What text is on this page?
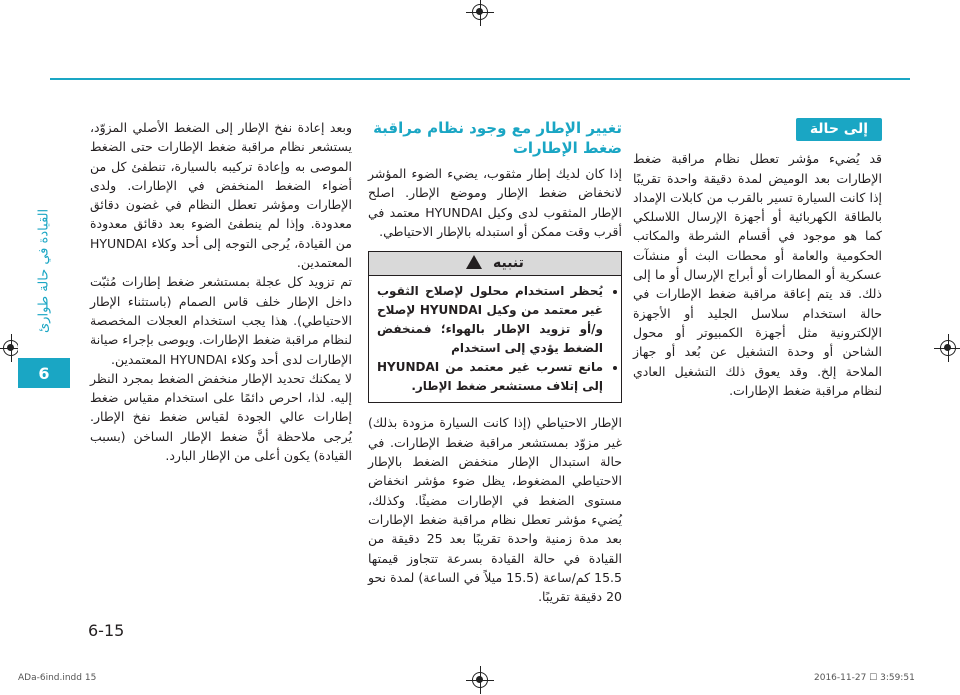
القيادة في حالة طوارئ
6

وبعد إعادة نفخ الإطار إلى الضغط الأصلي المزوّد، يستشعر نظام مراقبة ضغط الإطارات حتى الضغط الموصى به وإعادة تركيبه بالسيارة، تنطفئ كل من أضواء الضغط المنخفض في الإطارات. ولدى الإطارات ومؤشر تعطل النظام في غضون دقائق معدودة. وإذا لم ينطفئ الضوء بعد دقائق معدودة من القيادة، يُرجى التوجه إلى أحد وكلاء HYUNDAI المعتمدين.

تم تزويد كل عجلة بمستشعر ضغط إطارات مُثبّت داخل الإطار خلف قاس الصمام (باستثناء الإطار الاحتياطي). هذا يجب استخدام العجلات المخصصة لنظام مراقبة ضغط الإطارات. ويوصى بإجراء صيانة الإطارات لدى أحد وكلاء HYUNDAI المعتمدين.

لا يمكنك تحديد الإطار منخفض الضغط بمجرد النظر إليه. لذا، احرص دائمًا على استخدام مقياس ضغط إطارات عالي الجودة لقياس ضغط نفخ الإطار. يُرجى ملاحظة أنَّ ضغط الإطار الساخن (بسبب القيادة) يكون أعلى من الإطار البارد.

تغيير الإطار مع وجود نظام مراقبة ضغط الإطارات

إذا كان لديك إطار مثقوب، يضيء الضوء المؤشر لانخفاض ضغط الإطار وموضع الإطار. اصلح الإطار المثقوب لدى وكيل HYUNDAI معتمد في أقرب وقت ممكن أو استبدله بالإطار الاحتياطي.

تنبيه
• يُحظر استخدام محلول لإصلاح الثقوب غير معتمد من وكيل HYUNDAI لإصلاح و/أو تزويد الإطار بالهواء؛ فمنخفض الضغط يؤدي إلى استخدام
• مانع تسرب غير معتمد من HYUNDAI إلى إتلاف مستشعر ضغط الإطار.

الإطار الاحتياطي (إذا كانت السيارة مزودة بذلك) غير مزوّد بمستشعر مراقبة ضغط الإطارات. في حالة استبدال الإطار منخفض الضغط بالإطار الاحتياطي المضغوط، يظل ضوء مؤشر انخفاض مستوى الضغط في الإطارات مضيئًا. وكذلك، يُضيء مؤشر تعطل نظام مراقبة ضغط الإطارات بعد مدة زمنية واحدة تقريبًا بعد 25 دقيقة من القيادة في حالة القيادة بسرعة تتجاوز قيمتها 15.5 كم/ساعة (15.5 ميلاً في الساعة) لمدة نحو 20 دقيقة تقريبًا.

إلى حالة

قد يُضيء مؤشر تعطل نظام مراقبة ضغط الإطارات بعد الوميض لمدة دقيقة واحدة تقريبًا إذا كانت السيارة تسير بالقرب من كابلات الإمداد بالطاقة الكهربائية أو أجهزة الإرسال اللاسلكي كما هو موجود في أقسام الشرطة والمكاتب الحكومية والعامة أو محطات البث أو منشآت عسكرية أو المطارات أو أبراج الإرسال أو ما إلى ذلك. قد يتم إعاقة مراقبة ضغط الإطارات في حالة استخدام سلاسل الجليد أو الأجهزة الإلكترونية مثل أجهزة الكمبيوتر أو محول الشاحن أو وحدة التشغيل عن بُعد أو جهاز الملاحة إلخ. وقد يعوق ذلك التشغيل العادي لنظام مراقبة ضغط الإطارات.

6-15
ADa-6ind.indd 15	2016-11-27 ☐ 3:59:51
